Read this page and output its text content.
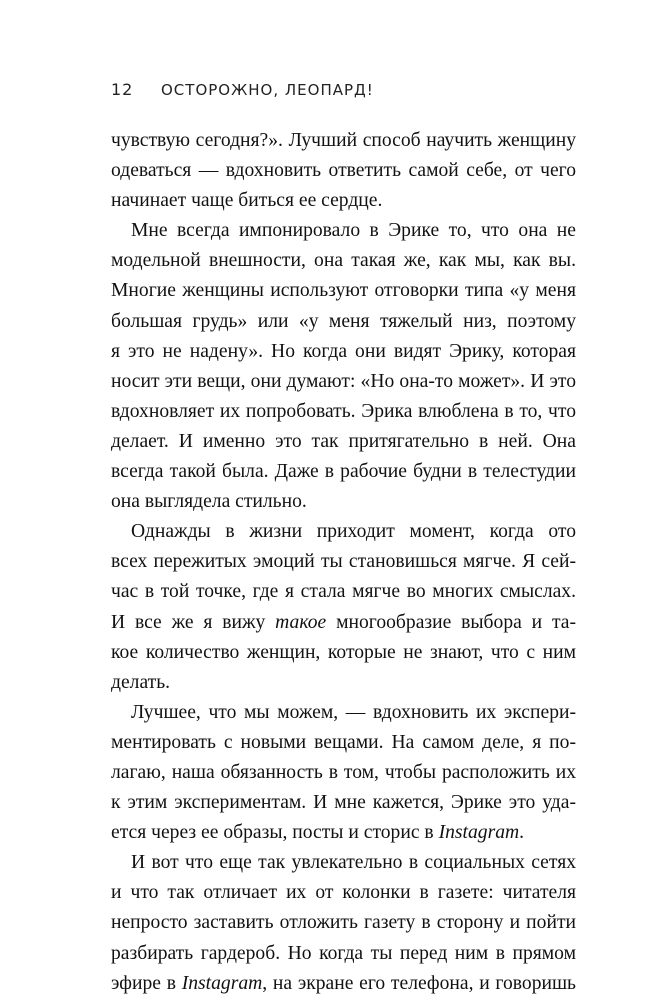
12 ОСТОРОЖНО, ЛЕОПАРД!
чувствую сегодня?». Лучший способ научить женщину
одеваться — вдохновить ответить самой себе, от чего
начинает чаще биться ее сердце.
Мне всегда импонировало в Эрике то, что она не
модельной внешности, она такая же, как мы, как вы.
Многие женщины используют отговорки типа «у меня
большая грудь» или «у меня тяжелый низ, поэтому
я это не надену». Но когда они видят Эрику, которая
носит эти вещи, они думают: «Но она-то может». И это
вдохновляет их попробовать. Эрика влюблена в то, что
делает. И именно это так притягательно в ней. Она
всегда такой была. Даже в рабочие будни в телестудии
она выглядела стильно.
Однажды в жизни приходит момент, когда ото
всех пережитых эмоций ты становишься мягче. Я сей-
час в той точке, где я стала мягче во многих смыслах.
И все же я вижу такое многообразие выбора и та-
кое количество женщин, которые не знают, что с ним
делать.
Лучшее, что мы можем, — вдохновить их экспери-
ментировать с новыми вещами. На самом деле, я по-
лагаю, наша обязанность в том, чтобы расположить их
к этим экспериментам. И мне кажется, Эрике это уда-
ется через ее образы, посты и сторис в Instagram.
И вот что еще так увлекательно в социальных сетях
и что так отличает их от колонки в газете: читателя
непросто заставить отложить газету в сторону и пойти
разбирать гардероб. Но когда ты перед ним в прямом
эфире в Instagram, на экране его телефона, и говоришь
